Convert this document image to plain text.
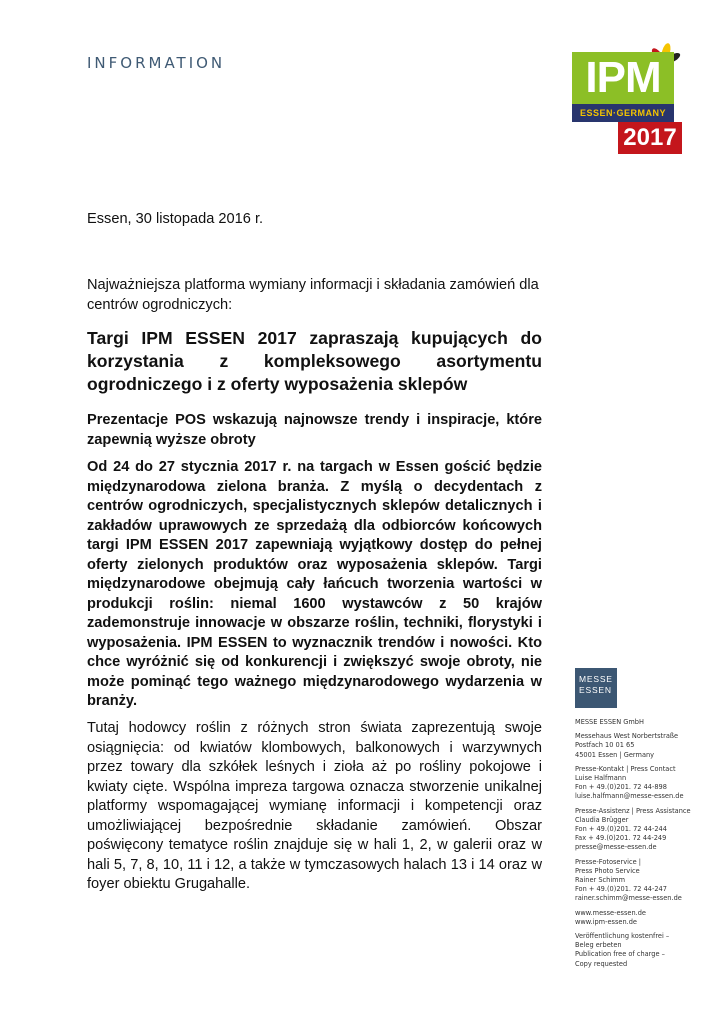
INFORMATION	IPM
ESSEN·GERMANY
2017
Essen, 30 listopada 2016 r.
Najważniejsza platforma wymiany informacji i składania zamówień dla centrów ogrodniczych:
Targi IPM ESSEN 2017 zapraszają kupujących do korzystania z kompleksowego asortymentu ogrodniczego i z oferty wyposażenia sklepów
Prezentacje POS wskazują najnowsze trendy i inspiracje, które zapewnią wyższe obroty
Od 24 do 27 stycznia 2017 r. na targach w Essen gościć będzie międzynarodowa zielona branża. Z myślą o decydentach z centrów ogrodniczych, specjalistycznych sklepów detalicznych i zakładów uprawowych ze sprzedażą dla odbiorców końcowych targi IPM ESSEN 2017 zapewniają wyjątkowy dostęp do pełnej oferty zielonych produktów oraz wyposażenia sklepów. Targi międzynarodowe obejmują cały łańcuch tworzenia wartości w produkcji roślin: niemal 1600 wystawców z 50 krajów zademonstruje innowacje w obszarze roślin, techniki, florystyki i wyposażenia. IPM ESSEN to wyznacznik trendów i nowości. Kto chce wyróżnić się od konkurencji i zwiększyć swoje obroty, nie może pominąć tego ważnego międzynarodowego wydarzenia w branży.
Tutaj hodowcy roślin z różnych stron świata zaprezentują swoje osiągnięcia: od kwiatów klombowych, balkonowych i warzywnych przez towary dla szkółek leśnych i zioła aż po rośliny pokojowe i kwiaty cięte. Wspólna impreza targowa oznacza stworzenie unikalnej platformy wspomagającej wymianę informacji i kompetencji oraz umożliwiającej bezpośrednie składanie zamówień. Obszar poświęcony tematyce roślin znajduje się w hali 1, 2, w galerii oraz w hali 5, 7, 8, 10, 11 i 12, a także w tymczasowych halach 13 i 14 oraz w foyer obiektu Grugahalle.
MESSE
ESSEN
MESSE ESSEN GmbH
Messehaus West Norbertstraße
Postfach 10 01 65
45001 Essen | Germany
Presse-Kontakt | Press Contact
Luise Halfmann
Fon + 49.(0)201. 72 44-898
luise.halfmann@messe-essen.de
Presse-Assistenz | Press Assistance
Claudia Brügger
Fon + 49.(0)201. 72 44-244
Fax + 49.(0)201. 72 44-249
presse@messe-essen.de
Presse-Fotoservice |
Press Photo Service
Rainer Schimm
Fon + 49.(0)201. 72 44-247
rainer.schimm@messe-essen.de
www.messe-essen.de
www.ipm-essen.de
Veröffentlichung kostenfrei –
Beleg erbeten
Publication free of charge –
Copy requested
